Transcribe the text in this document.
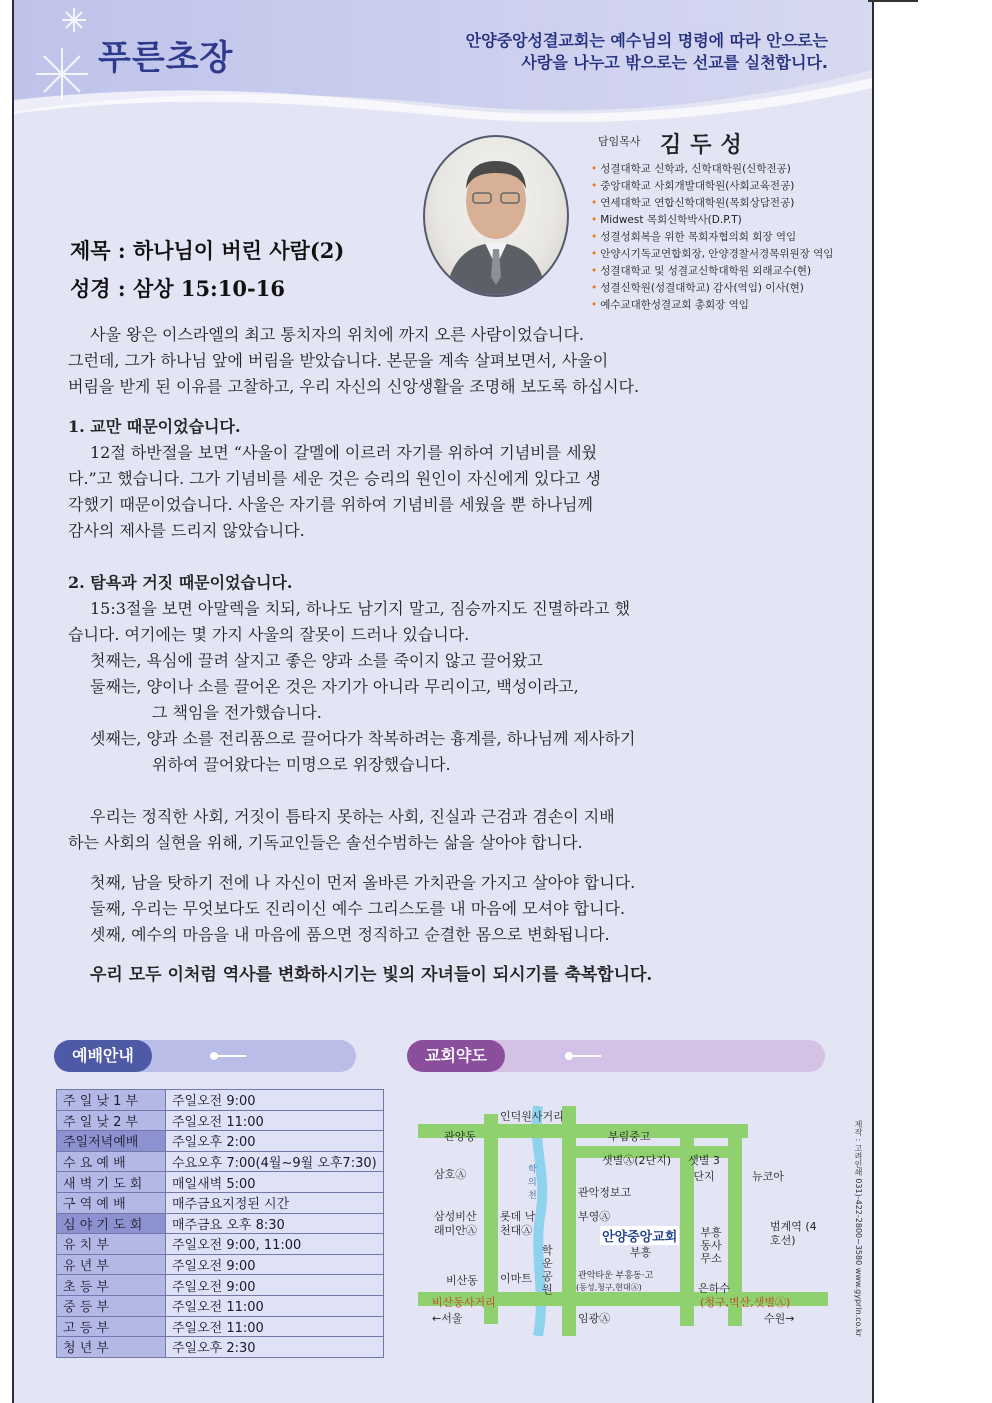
푸른초장	안양중앙성결교회는 예수님의 명령에 따라 안으로는
사랑을 나누고 밖으로는 선교를 실천합니다.
담임목사 김두성
• 성결대학교 신학과, 신학대학원(신학전공)
• 중앙대학교 사회개발대학원(사회교육전공)
• 연세대학교 연합신학대학원(목회상담전공)
• Midwest 목회신학박사(D.P.T)
• 성결성회복을 위한 목회자협의회 회장 역임
• 안양시기독교연합회장, 안양경찰서경목위원장 역임
• 성결대학교 및 성결교신학대학원 외래교수(현)
• 성결신학원(성결대학교) 감사(역임) 이사(현)
• 예수교대한성결교회 총회장 역임
제목 : 하나님이 버린 사람(2)
성경 : 삼상 15:10-16

사울 왕은 이스라엘의 최고 통치자의 위치에 까지 오른 사람이었습니다.

그런데, 그가 하나님 앞에 버림을 받았습니다. 본문을 계속 살펴보면서, 사울이

버림을 받게 된 이유를 고찰하고, 우리 자신의 신앙생활을 조명해 보도록 하십시다.

1. 교만 때문이었습니다.

12절 하반절을 보면 “사울이 갈멜에 이르러 자기를 위하여 기념비를 세웠

다.”고 했습니다. 그가 기념비를 세운 것은 승리의 원인이 자신에게 있다고 생

각했기 때문이었습니다. 사울은 자기를 위하여 기념비를 세웠을 뿐 하나님께

감사의 제사를 드리지 않았습니다.

2. 탐욕과 거짓 때문이었습니다.

15:3절을 보면 아말렉을 치되, 하나도 남기지 말고, 짐승까지도 진멸하라고 했

습니다. 여기에는 몇 가지 사울의 잘못이 드러나 있습니다.

첫째는, 욕심에 끌려 살지고 좋은 양과 소를 죽이지 않고 끌어왔고

둘째는, 양이나 소를 끌어온 것은 자기가 아니라 무리이고, 백성이라고,

그 책임을 전가했습니다.

셋째는, 양과 소를 전리품으로 끌어다가 착복하려는 흉계를, 하나님께 제사하기

위하여 끌어왔다는 미명으로 위장했습니다.

우리는 정직한 사회, 거짓이 틈타지 못하는 사회, 진실과 근검과 겸손이 지배

하는 사회의 실현을 위해, 기독교인들은 솔선수범하는 삶을 살아야 합니다.

첫째, 남을 탓하기 전에 나 자신이 먼저 올바른 가치관을 가지고 살아야 합니다.

둘째, 우리는 무엇보다도 진리이신 예수 그리스도를 내 마음에 모셔야 합니다.

셋째, 예수의 마음을 내 마음에 품으면 정직하고 순결한 몸으로 변화됩니다.

우리 모두 이처럼 역사를 변화하시기는 빛의 자녀들이 되시기를 축복합니다.

예배안내
주 일 낮 1 부	주일오전 9:00
주 일 낮 2 부	주일오전 11:00
주일저녁예배	주일오후 2:00
수 요 예 배	수요오후 7:00(4월~9월 오후7:30)
새 벽 기 도 회	매일새벽 5:00
구 역 예 배	매주금요지정된 시간
심 야 기 도 회	매주금요 오후 8:30
유 치 부	주일오전 9:00, 11:00
유 년 부	주일오전 9:00
초 등 부	주일오전 9:00
중 등 부	주일오전 11:00
고 등 부	주일오전 11:00
청 년 부	주일오후 2:30
교회약도
인덕원사거리
관양동	부림중고
삼호Ⓐ	학의천
샛별Ⓐ(2단지)	샛별 3단지	뉴코아
관악정보고
삼성비산 래미안Ⓐ
롯데 낙천대Ⓐ
부영Ⓐ
안양중앙교회
부흥
부흥 동사 무소
범계역 (4호선)
학운 공원
비산동 이마트	관악타운 부흥동·고
(동성,청구,현대Ⓐ)	은하수
비산동사거리	(청구,벽산,샛별Ⓐ)
←서울	임광Ⓐ	수원→	제작 : 고려인쇄 031)-422-2800~3580 www.gyprin.co.kr
